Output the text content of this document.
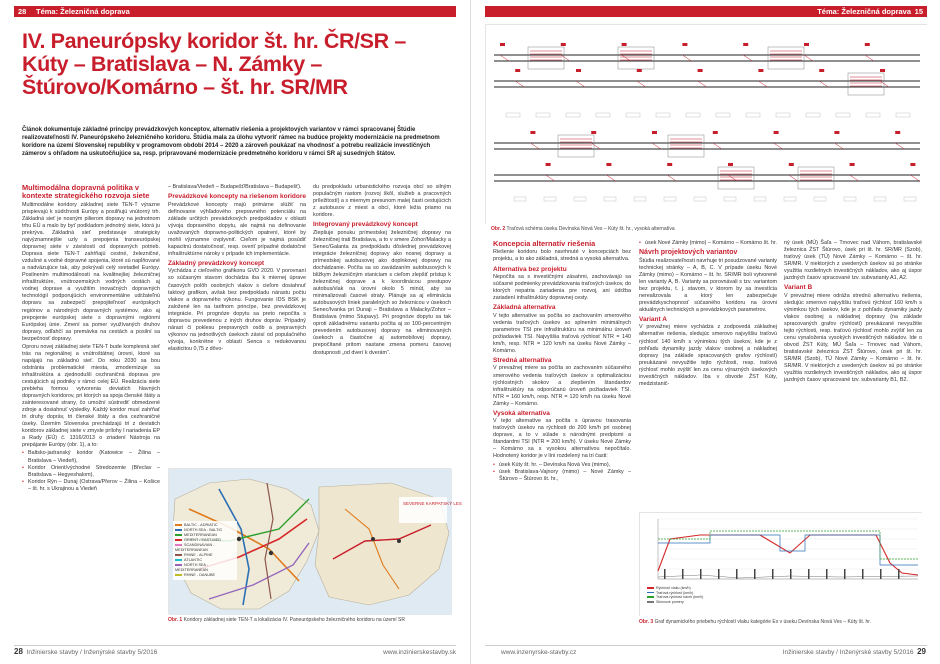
28 Téma: Železničná doprava
IV. Paneurópsky koridor št. hr. ČR/SR – Kúty – Bratislava – N. Zámky – Štúrovo/Komárno – št. hr. SR/MR
Článok dokumentuje základné princípy prevádzkových konceptov, alternatív riešenia a projektových variantov v rámci spracovanej Štúdie realizovateľnosti IV. Paneurópskeho železničného koridoru. Štúdia mala za úlohu vytvoriť rámec na budúce projekty modernizácie na predmetnom koridore na území Slovenskej republiky v programovom období 2014 – 2020 a zároveň poukázať na vhodnosť a potrebu realizácie investičných zámerov s ohľadom na uskutočňujúce sa, resp. pripravované modernizácie predmetného koridoru v rámci SR aj susedných štátov.
Multimodálna dopravná politika v kontexte strategického rozvoja siete

Multimodálne koridory základnej siete TEN-T výrazne prispievajú k súdržnosti Európy a posilňujú vnútorný trh. Základná sieť je nosným pilierom dopravy na jednotnom trhu EÚ a malo by byť podkladom jednotný siete, ktorá ju prekrýva. Základná sieť predstavuje strategicky najvýznamnejšie uzly a prepojenia transeurópskej dopravnej siete v závislosti od dopravných potrieb. Doprava siete TEN-T zahŕňajú cestné, železničné, vzdušné a vodné dopravné spojenia, ktoré sú napĺňované a nadväzujúce tak, aby pokrývali celý svetadiel Európy. Posilnením multimodálnosti na kvalitnejšej železničnej infraštruktúre, vnútrozemských vodných cestách aj vodnej doprave a využitím inovačných dopravných technológií podporujúcich environmentálne udržateľnú dopravu sa zabezpečí prepojiteľnosť európskych regiónov a národných dopravných systémov, ako aj prepojenie európskej siete s dopravnými regiónmi Európskej únie. Zmení sa pomer využívaných druhov dopravy, odľahčí sa premávka na cestách a posilní sa bezpečnosť dopravy.

Oproru novej základnej siete TEN-T bude komplexná sieť trás na regionálnej a vnútroštátnej úrovni, ktoré sa napájajú na základnú sieť. Do roku 2030 sa bou odstránia problematické miesta, zmodernizuje sa infraštruktúra a zjednodušli cezhraničná doprava pre cestujúcich aj podniky v rámci celej EÚ. Realizácia siete prebieha formou vytvorenia deviatich hlavných dopravných koridorov, pri ktorých sa spoja členské štáty a zainteresované strany, čo umožní sústrediť obmedzené zdroje a dosiahnuť výsledky. Každý koridor musí zahŕňať tri druhy dopráv, tri členské štáty a dva cezhraničné úseky. Územím Slovenska prechádzajú tri z deviatich koridorov základnej siete v zmysle prílohy I nariadenia EP a Rady (EÚ) č. 1316/2013 o zriadení Nástroja na prepájanie Európy (obr. 1), a to:

• Baltsko-jadranský koridor (Katowice – Žilina – Bratislava – Viedeň),
• Koridor Orient/východné Stredozemie (Břeclav – Bratislava – Hegyeshalom),
• Koridor Rýn – Dunaj (Ostrava/Přerov – Žilina – Košice – št. hr. s Ukrajinou a Viedeň

– Bratislava/Viedeň – Budapešť/Bratislava – Budapešť).

Prevádzkové koncepty na riešenom koridore

Prevádzkové koncepty majú primárne slúžiť na definovanie výhľadového prepravného potenciálu na základe určitých prevádzkových predpokladov v oblasti vývoja dopravného dopytu, ale najmä na definovanie uvažovaných dopravno-politických opatrení, ktoré by mohli významne ovplyvniť. Cieľom je najmä posúdiť kapacitnú dostatočnosť, resp. overiť prípadné dodatočné infraštruktúrne nároky v prípade ich implementácie.

Základný prevádzkový koncept

Vychádza z cieľového grafikonu GVD 2020. V porovnaní so súčasným stavom dochádza iba k miernej úprave časových polôh osobných vlakov s cieľom dosiahnuť taktový grafikon, avšak bez predpokladu nárastu počtu vlakov a dopravného výkonu. Fungovanie IDS BSK je založené len na tarifnom princípe, bez prevádzkovej integrácie. Pri prognóze dopytu sa preto nepočíta s dopravou prevedenou z iných druhov dopráv. Prípadný nárast či poklesu prepravných osôb a prepravných výkonov na jednotlivých úsekoch závisí od populačného vývoja, konkrétne v oblasti Senca s redukovanou elasticitou 0,75 z dôvo-

du predpokladu urbanistického rozvoja obcí so silným populačným rastom (rozvoj škôl, služieb a pracovných príležitostí) a s miernym presunom malej časti cestujúcich z autobusov z miest a obcí, ktoré ležia priamo na koridore.

Integrovaný prevádzkový koncept

Zlepšuje ponuku prímestskej železničnej dopravy na železničnej trati Bratislava, a to v smere Zohor/Malacky a Senec/Galanta za predpokladu dôslednej prevádzkovej integrácie železničnej dopravy ako nosnej dopravy a prímestskej autobusovej ako doplnkovej dopravy na dochádzanie. Počíta sa so zavádzaním autobusových k bližkym železničným staniciam s cieľom zlepšiť prístup k železničnej doprave a k koordinácou prestupov autobus/vlak na úrovni okolo 5 minút, aby sa minimalizovali časové straty. Plánuje sa aj eliminácia autobusových liniek paralelných so železnicou v úsekoch Senec/Ivanka pri Dunaji – Bratislava a Malacky/Zohor – Bratislava (mimo Stupavy). Pri prognóze dopytu sa tak oproti základnému variantu počíta aj so 100-percentným prevedením autobusovej dopravy na eliminovaných úsekoch a čiastočne aj automobilovej dopravy, prepočítané pritom nastane zmena pomeru časovej dostupnosti „od dverí k dverám“.

SEVERNE KARPATSKÝ LES
BALTIC - ADRIATIC
NORTH SEA - BALTIC
MEDITERRANEAN
ORIENT / EAST-MED
SCANDINAVIAN - MEDITERRANEAN
RHINE - ALPINE
ATLANTIC
NORTH SEA - MEDITERRANEAN
RHINE - DANUBE
Obr. 1 Koridory základnej siete TEN-T a lokalizácia IV. Paneurópskeho železničného koridoru na území SR
28 Inžinierske stavby / Inženýrské stavby 5/2016	www.inzinierskestavby.sk
Téma: Železničná doprava 15
Obr. 2 Traťová schéma úseku Devínska Nová Ves – Kúty št. hr., vysoká alternatíva
Koncepcia alternatív riešenia

Riešenie koridoru bolo navrhnuté v koncepciách bez projektu, a to ako základná, stredná a vysoká alternatíva.

Alternatíva bez projektu

Nepočíta sa s investičnými zásahmi, zachovávajú sa súčasné podmienky prevádzkovania traťových úsekov, do ktorých nepatria zariadenia pre rozvoj, ani údržba zariadení infraštruktúry dopravnej cesty.

Základná alternatíva

V tejto alternatíve sa počíta so zachovaním smerového vedenia traťových úsekov so splnením minimálnych parametrov TSI pre infraštruktúru na minimálnu úroveň požiadaviek TSI. Najvyššia traťová rýchlosť NTR = 140 km/h, resp. NTR = 120 km/h na úseku Nové Zámky – Komárno.

Stredná alternatíva

V prevažnej miere sa počíta so zachovaním súčasného smerového vedenia traťových úsekov s optimalizáciou rýchlostných skokov a zlepšením štandardov infraštruktúry na odporúčanú úroveň požiadaviek TSI. NTR = 160 km/h, resp. NTR = 120 km/h na úseku Nové Zámky – Komárno.

Vysoká alternatíva

V tejto alternatíve sa počíta s úpravou trasovania traťových úsekov na rýchlosti do 200 km/h pri osobnej doprave, a to v súlade s národnými predpismi a štandardmi TSI (NTR = 200 km/h). V úseku Nové Zámky – Komárno sa s vysokou alternatívou nepočítalo. Hodnotený koridor je v líni rozdelený na tri časti:

• úsek Kúty št. hr. – Devínska Nová Ves (mimo),
• úsek Bratislava-Vajnory (mimo) – Nové Zámky – Štúrovo – Štúrovo št. hr.,
• úsek Nové Zámky (mimo) – Komárno – Komárno št. hr.
Návrh projektových variantov

Štúdia realizovateľnosti navrhuje tri posudzované varianty technickej stránky – A, B, C. V prípade úseku Nové Zámky (mimo) – Komárno – št. hr. SR/MR boli vytvorené len varianty A, B. Varianty sa porovnávali s tzv. variantom bez projektu, t. j. stavom, v ktorom by sa investícia nerealizovala a ktorý len zabezpečuje prevádzkyschopnosť súčasného koridoru na úrovni aktuálnych technických a prevádzkových parametrov.

Variant A

V prevažnej miere vychádza z zodpovedá základnej alternatíve riešenia, sledujúc smerovo najvyššiu traťovú rýchlosť 140 km/h s výnimkou tých úsekov, kde je z pohľadu dynamiky jazdy vlakov osobnej a nákladnej dopravy (na základe spracovaných grafov rýchlostí) preukázané nevyužitie tejto rýchlosti, resp. traťová rýchlosť mohlo zvýšiť len za cenu výrazných úsekových investičných nákladov. Iba v obvode ŽST Kúty, medzistanič-

ný úsek (MÚ) Šaľa – Trnovec nad Váhom, bratislavské železnica ŽST Štúrovo, úsek pri št. hr. SR/MR (Szob), traťový úsek (TÚ) Nové Zámky – Komárno – št. hr. SR/MR. V niektorých z uvedených úsekov sú po stránke využitia rozdielnych investičných nákladov, ako aj úspor jazdných časov spracované tzv. subvarianty A1, A2.

Variant B

V prevažnej miere odráža strednú alternatívu riešenia, sledujúc smerovo najvyššiu traťovú rýchlosť 160 km/h s výnimkou tých úsekov, kde je z pohľadu dynamiky jazdy vlakov osobnej a nákladnej dopravy (na základe spracovaných grafov rýchlostí) preukázané nevyužitie tejto rýchlosti, resp. traťovú rýchlosť mohlo zvýšiť len za cenu vynaloženia vysokých investičných nákladov. Ide o obvod ŽST Kúty, MÚ Šaľa – Trnovec nad Váhom, bratislavské železnica ŽST Štúrovo, úsek pri št. hr. SR/MR (Szob), TÚ Nové Zámky – Komárno – št. hr. SR/MR. V niektorých z uvedených úsekov sú po stránke využitia rozdielnych investičných nákladov, ako aj úspor jazdných časov spracované tzv. subvarianty B1, B2.

Rýchlosť vlaku (km/h)
Traťová rýchlosť (km/h)
Traťová rýchlosť návrh (km/h)
Sklonové pomery
Obr. 3 Graf dynamického priebehu rýchlostí vlaku kategórie Ex v úseku Devínska Nová Ves – Kúty št. hr.
www.inzenyrske-stavby.cz	Inžinierske stavby / Inženýrské stavby 5/2016 29
